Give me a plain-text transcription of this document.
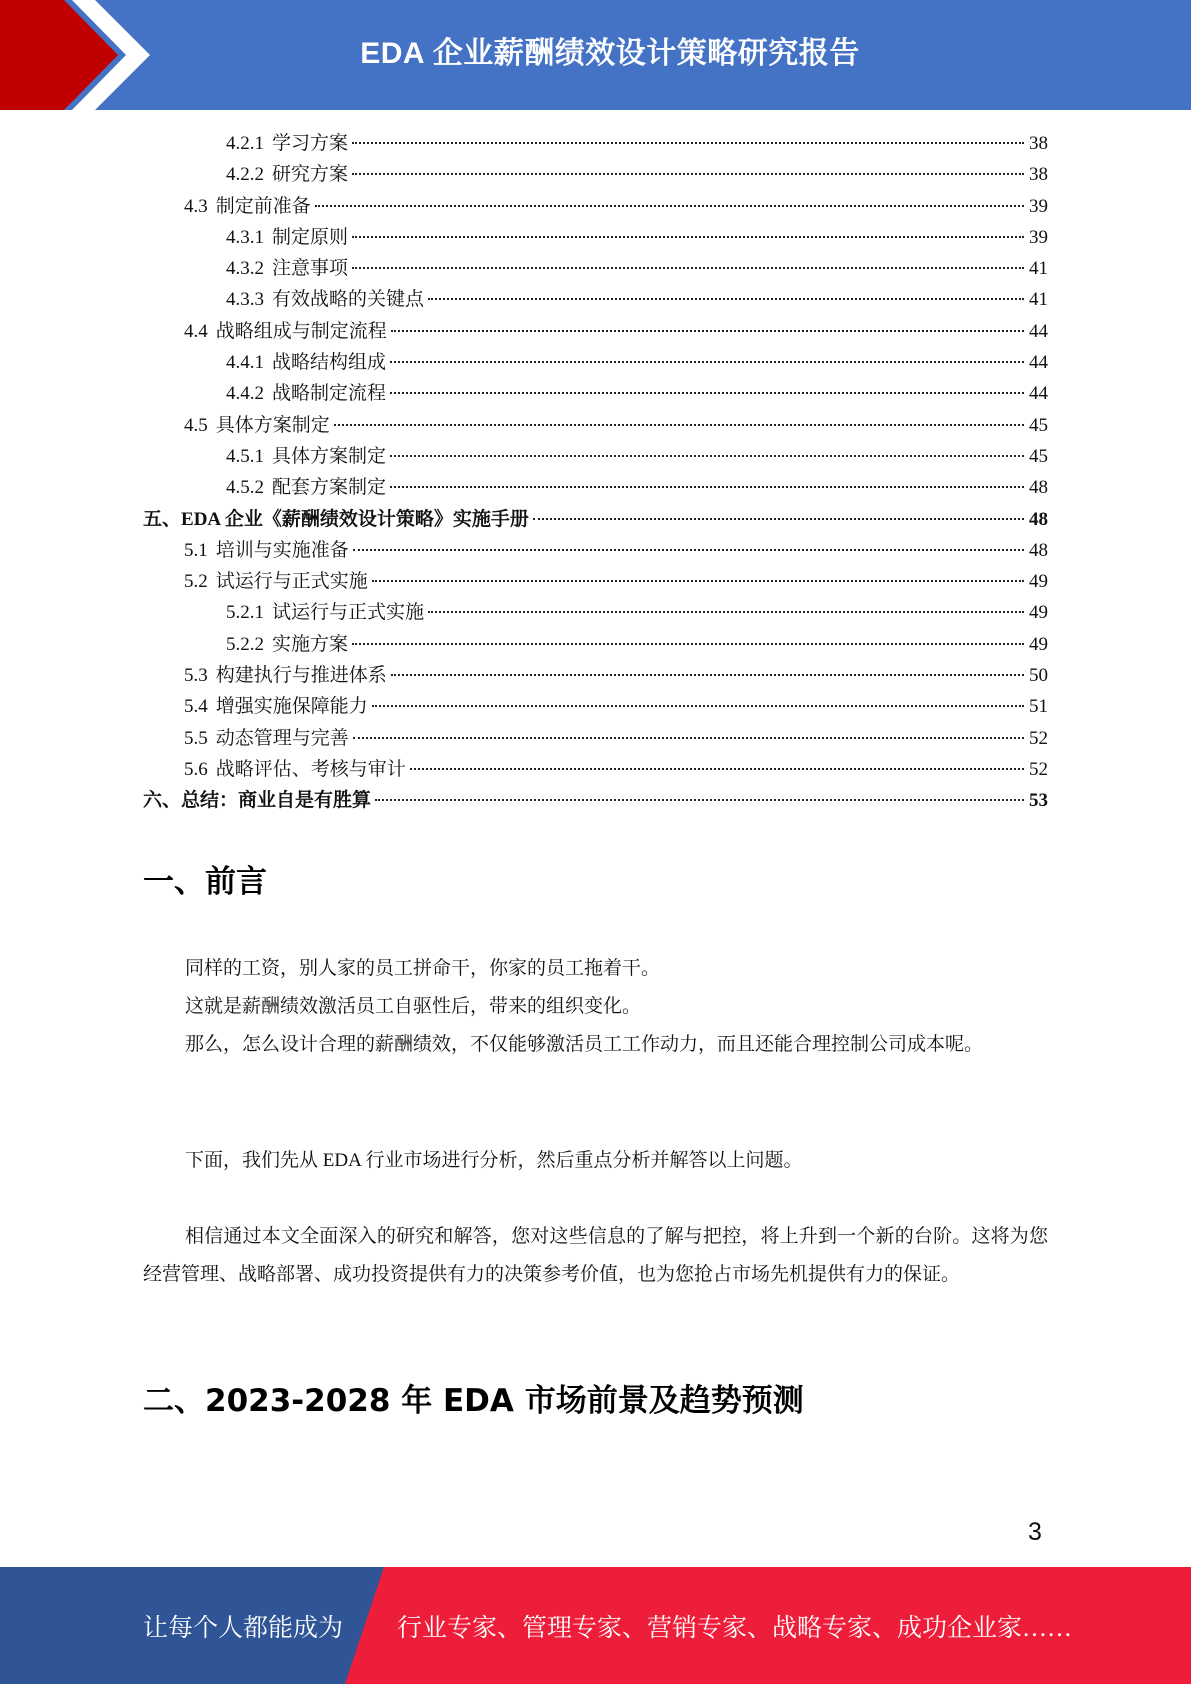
EDA 企业薪酬绩效设计策略研究报告
4.2.1 学习方案	38
4.2.2 研究方案	38
4.3 制定前准备	39
4.3.1 制定原则	39
4.3.2 注意事项	41
4.3.3 有效战略的关键点	41
4.4 战略组成与制定流程	44
4.4.1 战略结构组成	44
4.4.2 战略制定流程	44
4.5 具体方案制定	45
4.5.1 具体方案制定	45
4.5.2 配套方案制定	48
五、 EDA 企业《薪酬绩效设计策略》实施手册	48
5.1 培训与实施准备	48
5.2 试运行与正式实施	49
5.2.1 试运行与正式实施	49
5.2.2 实施方案	49
5.3 构建执行与推进体系	50
5.4 增强实施保障能力	51
5.5 动态管理与完善	52
5.6 战略评估、考核与审计	52
六、 总结：商业自是有胜算	53
一、前言
同样的工资，别人家的员工拼命干，你家的员工拖着干。
这就是薪酬绩效激活员工自驱性后，带来的组织变化。
那么，怎么设计合理的薪酬绩效，不仅能够激活员工工作动力，而且还能合理控制公司成本呢。
下面，我们先从 EDA 行业市场进行分析，然后重点分析并解答以上问题。
相信通过本文全面深入的研究和解答，您对这些信息的了解与把控，将上升到一个新的台阶。这将为您经营管理、战略部署、成功投资提供有力的决策参考价值，也为您抢占市场先机提供有力的保证。
二、2023-2028 年 EDA 市场前景及趋势预测
3
让每个人都能成为 行业专家、管理专家、营销专家、战略专家、成功企业家……
